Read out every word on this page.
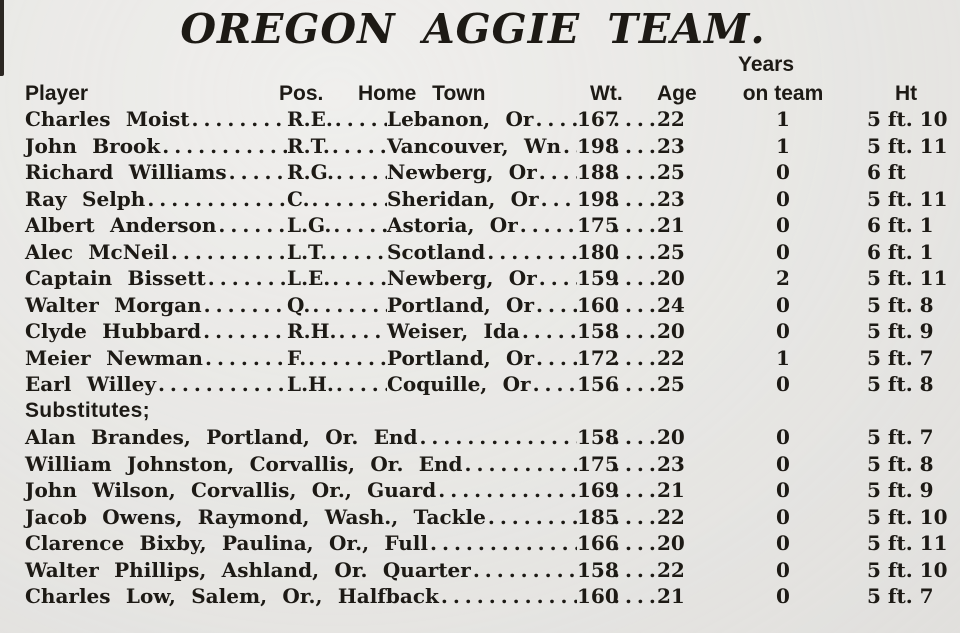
OREGON AGGIE TEAM.
Years
Player	Pos. Home Town	Wt. Age	on team	Ht
Charles Moist .....	R.E. .....	Lebanon, Or ..... 167 ..... 22	1	5 ft. 10
John Brook .....	R.T. .....	Vancouver, Wn ..... 198 ..... 23	1	5 ft. 11
Richard Williams .....	R.G. .....	Newberg, Or ..... 188 ..... 25	0	6 ft
Ray Selph .....	C. .....	Sheridan, Or ..... 198 ..... 23	0	5 ft. 11
Albert Anderson .....	L.G. .....	Astoria, Or .....	175 ..... 21	0	6 ft. 1
Alec McNeil .....	L.T. .....	Scotland .....	180 ..... 25	0	6 ft. 1
Captain Bissett .....	L.E. .....	Newberg, Or ..... 159 ..... 20	2	5 ft. 11
Walter Morgan .....	Q. .....	Portland, Or ..... 160 ..... 24	0	5 ft. 8
Clyde Hubbard .....	R.H. .....	Weiser, Ida .....	158 ..... 20	0	5 ft. 9
Meier Newman .....	F. .....	Portland, Or ..... 172 ..... 22	1	5 ft. 7
Earl Willey .....	L.H. .....	Coquille, Or ..... 156 ..... 25	0	5 ft. 8
Substitutes;
Alan Brandes, Portland, Or. End .....	158 ..... 20	0	5 ft. 7
William Johnston, Corvallis, Or. End .....	175 ..... 23	0	5 ft. 8
John Wilson, Corvallis, Or., Guard .....	169 ..... 21	0	5 ft. 9
Jacob Owens, Raymond, Wash., Tackle .....	185 ..... 22	0	5 ft. 10
Clarence Bixby, Paulina, Or., Full .....	166 ..... 20	0	5 ft. 11
Walter Phillips, Ashland, Or. Quarter .....	158 ..... 22	0	5 ft. 10
Charles Low, Salem, Or., Halfback .....	160 ..... 21	0	5 ft. 7
